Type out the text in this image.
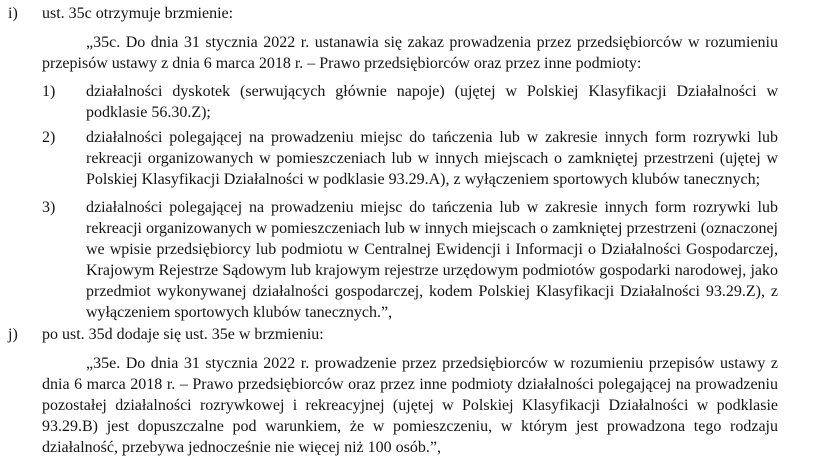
i) ust. 35c otrzymuje brzmienie:
„35c. Do dnia 31 stycznia 2022 r. ustanawia się zakaz prowadzenia przez przedsiębiorców w rozumieniu przepisów ustawy z dnia 6 marca 2018 r. – Prawo przedsiębiorców oraz przez inne podmioty:
1) działalności dyskotek (serwujących głównie napoje) (ujętej w Polskiej Klasyfikacji Działalności w podklasie 56.30.Z);
2) działalności polegającej na prowadzeniu miejsc do tańczenia lub w zakresie innych form rozrywki lub rekreacji organizowanych w pomieszczeniach lub w innych miejscach o zamkniętej przestrzeni (ujętej w Polskiej Klasyfikacji Działalności w podklasie 93.29.A), z wyłączeniem sportowych klubów tanecznych;
3) działalności polegającej na prowadzeniu miejsc do tańczenia lub w zakresie innych form rozrywki lub rekreacji organizowanych w pomieszczeniach lub w innych miejscach o zamkniętej przestrzeni (oznaczonej we wpisie przedsiębiorcy lub podmiotu w Centralnej Ewidencji i Informacji o Działalności Gospodarczej, Krajowym Rejestrze Sądowym lub krajowym rejestrze urzędowym podmiotów gospodarki narodowej, jako przedmiot wykonywanej działalności gospodarczej, kodem Polskiej Klasyfikacji Działalności 93.29.Z), z wyłączeniem sportowych klubów tanecznych.”,
j) po ust. 35d dodaje się ust. 35e w brzmieniu:
„35e. Do dnia 31 stycznia 2022 r. prowadzenie przez przedsiębiorców w rozumieniu przepisów ustawy z dnia 6 marca 2018 r. – Prawo przedsiębiorców oraz przez inne podmioty działalności polegającej na prowadzeniu pozostałej działalności rozrywkowej i rekreacyjnej (ujętej w Polskiej Klasyfikacji Działalności w podklasie 93.29.B) jest dopuszczalne pod warunkiem, że w pomieszczeniu, w którym jest prowadzona tego rodzaju działalność, przebywa jednocześnie nie więcej niż 100 osób.”,
